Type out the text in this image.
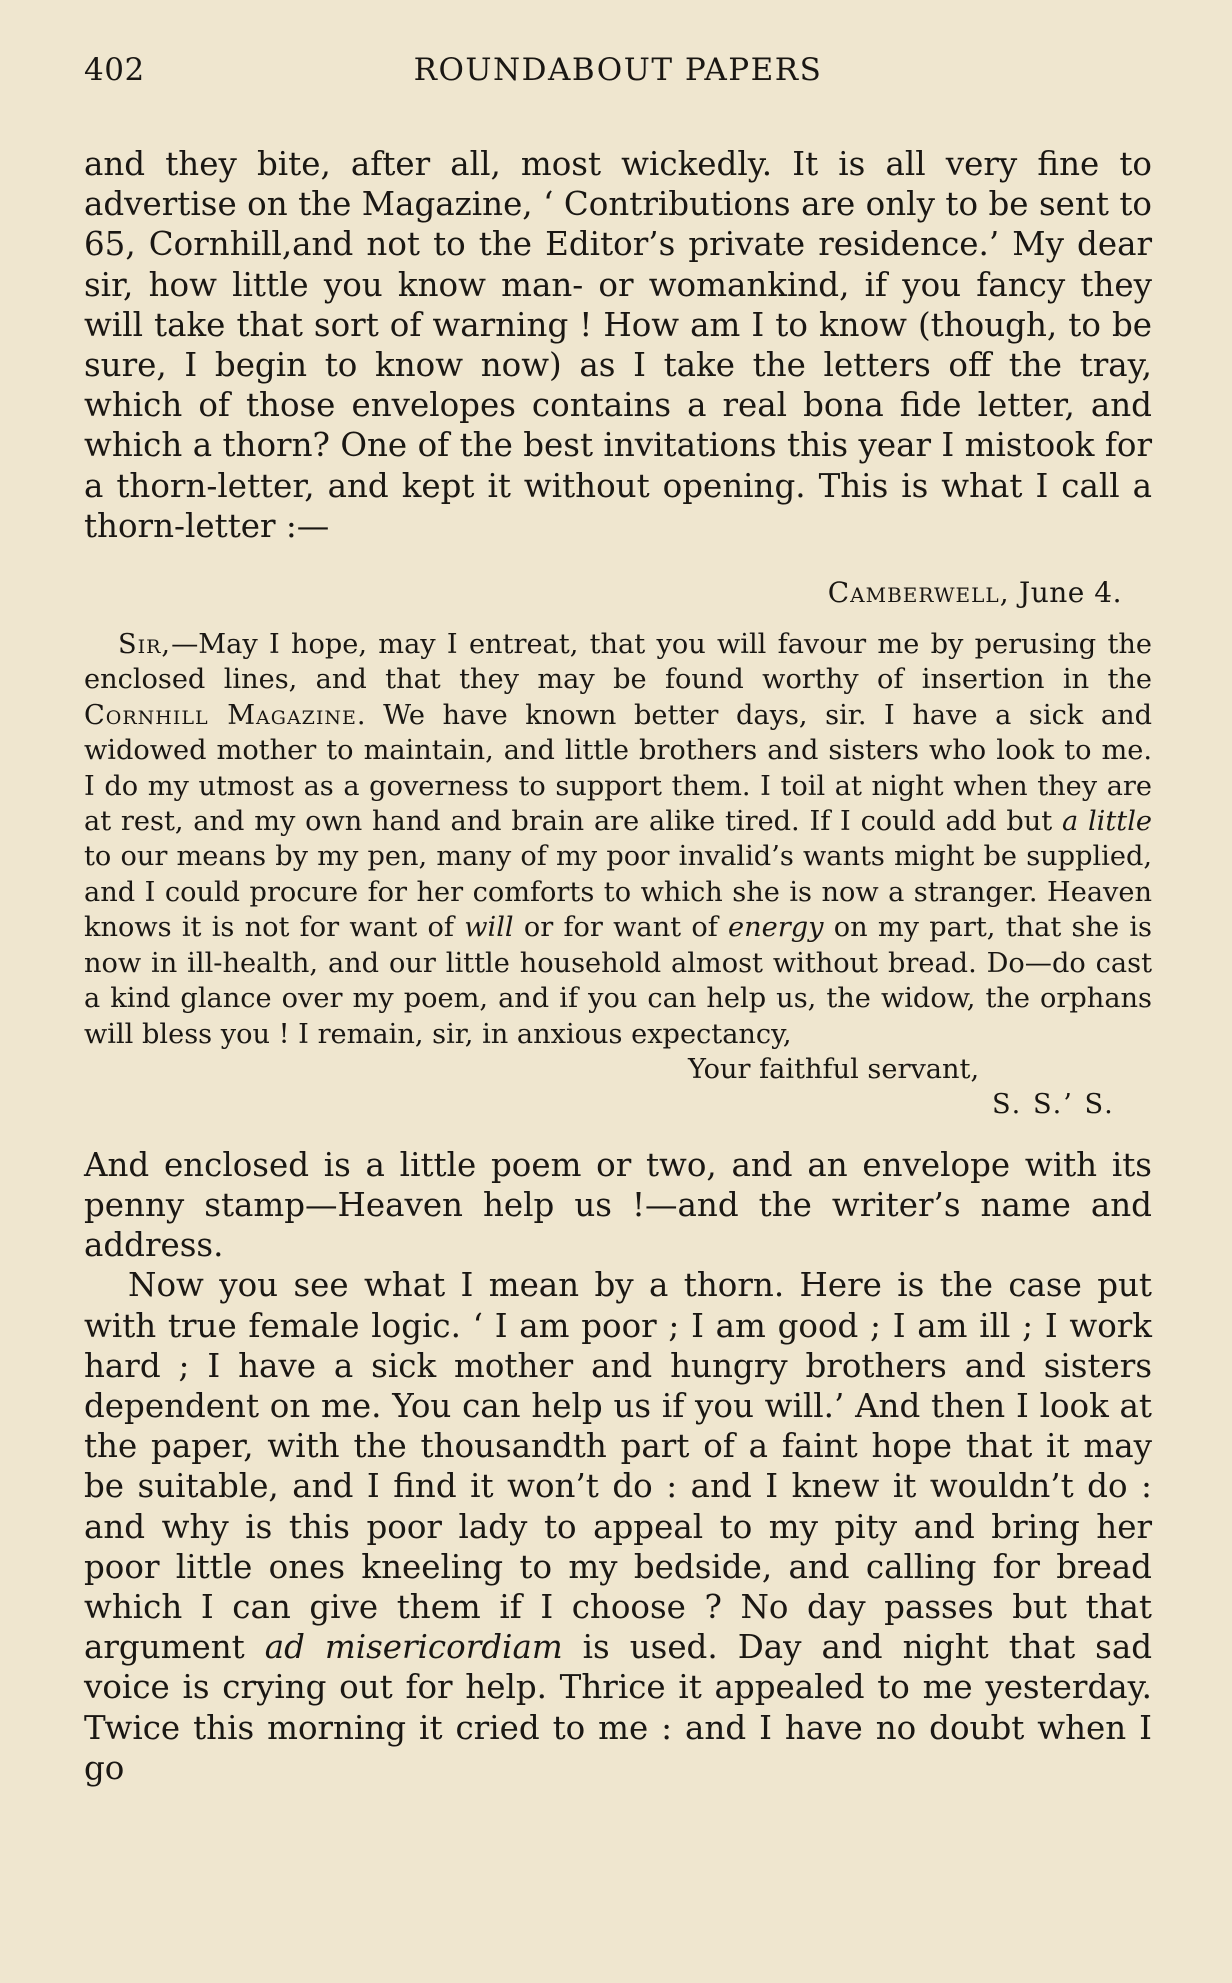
402	ROUNDABOUT PAPERS

and they bite, after all, most wickedly. It is all very fine to advertise on the Magazine, ‘ Contributions are only to be sent to 65, Cornhill,and not to the Editor’s private residence.’ My dear sir, how little you know man- or womankind, if you fancy they will take that sort of warning ! How am I to know (though, to be sure, I begin to know now) as I take the letters off the tray, which of those envelopes contains a real bona fide letter, and which a thorn? One of the best invitations this year I mistook for a thorn-letter, and kept it without opening. This is what I call a thorn-letter :—

Camberwell, June 4.

Sir,—May I hope, may I entreat, that you will favour me by perusing the enclosed lines, and that they may be found worthy of insertion in the Cornhill Magazine. We have known better days, sir. I have a sick and widowed mother to maintain, and little brothers and sisters who look to me. I do my utmost as a governess to support them. I toil at night when they are at rest, and my own hand and brain are alike tired. If I could add but a little to our means by my pen, many of my poor invalid’s wants might be supplied, and I could procure for her comforts to which she is now a stranger. Heaven knows it is not for want of will or for want of energy on my part, that she is now in ill-health, and our little household almost without bread. Do—do cast a kind glance over my poem, and if you can help us, the widow, the orphans will bless you ! I remain, sir, in anxious expectancy,

Your faithful servant,
S. S.’ S.

And enclosed is a little poem or two, and an envelope with its penny stamp—Heaven help us !—and the writer’s name and address.

Now you see what I mean by a thorn. Here is the case put with true female logic. ‘ I am poor ; I am good ; I am ill ; I work hard ; I have a sick mother and hungry brothers and sisters dependent on me. You can help us if you will.’ And then I look at the paper, with the thousandth part of a faint hope that it may be suitable, and I find it won’t do : and I knew it wouldn’t do : and why is this poor lady to appeal to my pity and bring her poor little ones kneeling to my bedside, and calling for bread which I can give them if I choose ? No day passes but that argument ad misericordiam is used. Day and night that sad voice is crying out for help. Thrice it appealed to me yesterday. Twice this morning it cried to me : and I have no doubt when I go
